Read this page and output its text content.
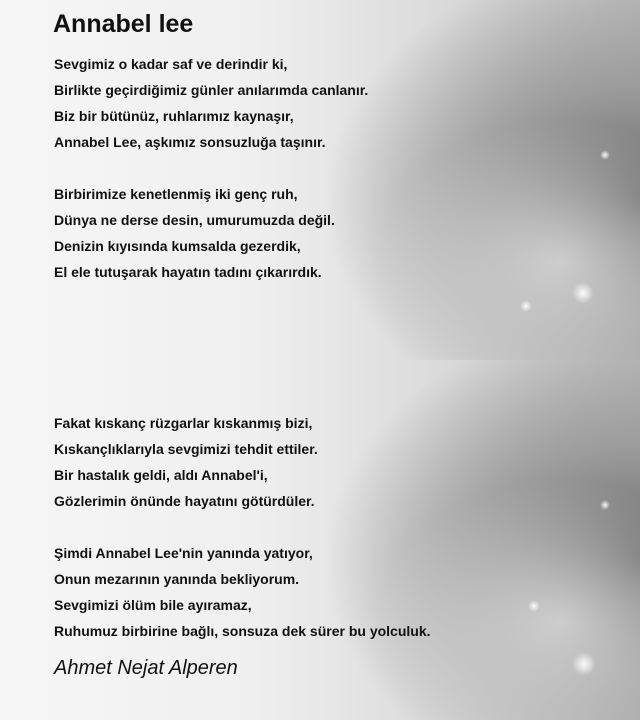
Annabel lee
Sevgimiz o kadar saf ve derindir ki,
Birlikte geçirdiğimiz günler anılarımda canlanır.
Biz bir bütünüz, ruhlarımız kaynaşır,
Annabel Lee, aşkımız sonsuzluğa taşınır.
Birbirimize kenetlenmiş iki genç ruh,
Dünya ne derse desin, umurumuzda değil.
Denizin kıyısında kumsalda gezerdik,
El ele tutuşarak hayatın tadını çıkarırdık.
Fakat kıskanç rüzgarlar kıskanmış bizi,
Kıskançlıklarıyla sevgimizi tehdit ettiler.
Bir hastalık geldi, aldı Annabel'i,
Gözlerimin önünde hayatını götürdüler.
Şimdi Annabel Lee'nin yanında yatıyor,
Onun mezarının yanında bekliyorum.
Sevgimizi ölüm bile ayıramaz,
Ruhumuz birbirine bağlı, sonsuza dek sürer bu yolculuk.

Ahmet Nejat Alperen
